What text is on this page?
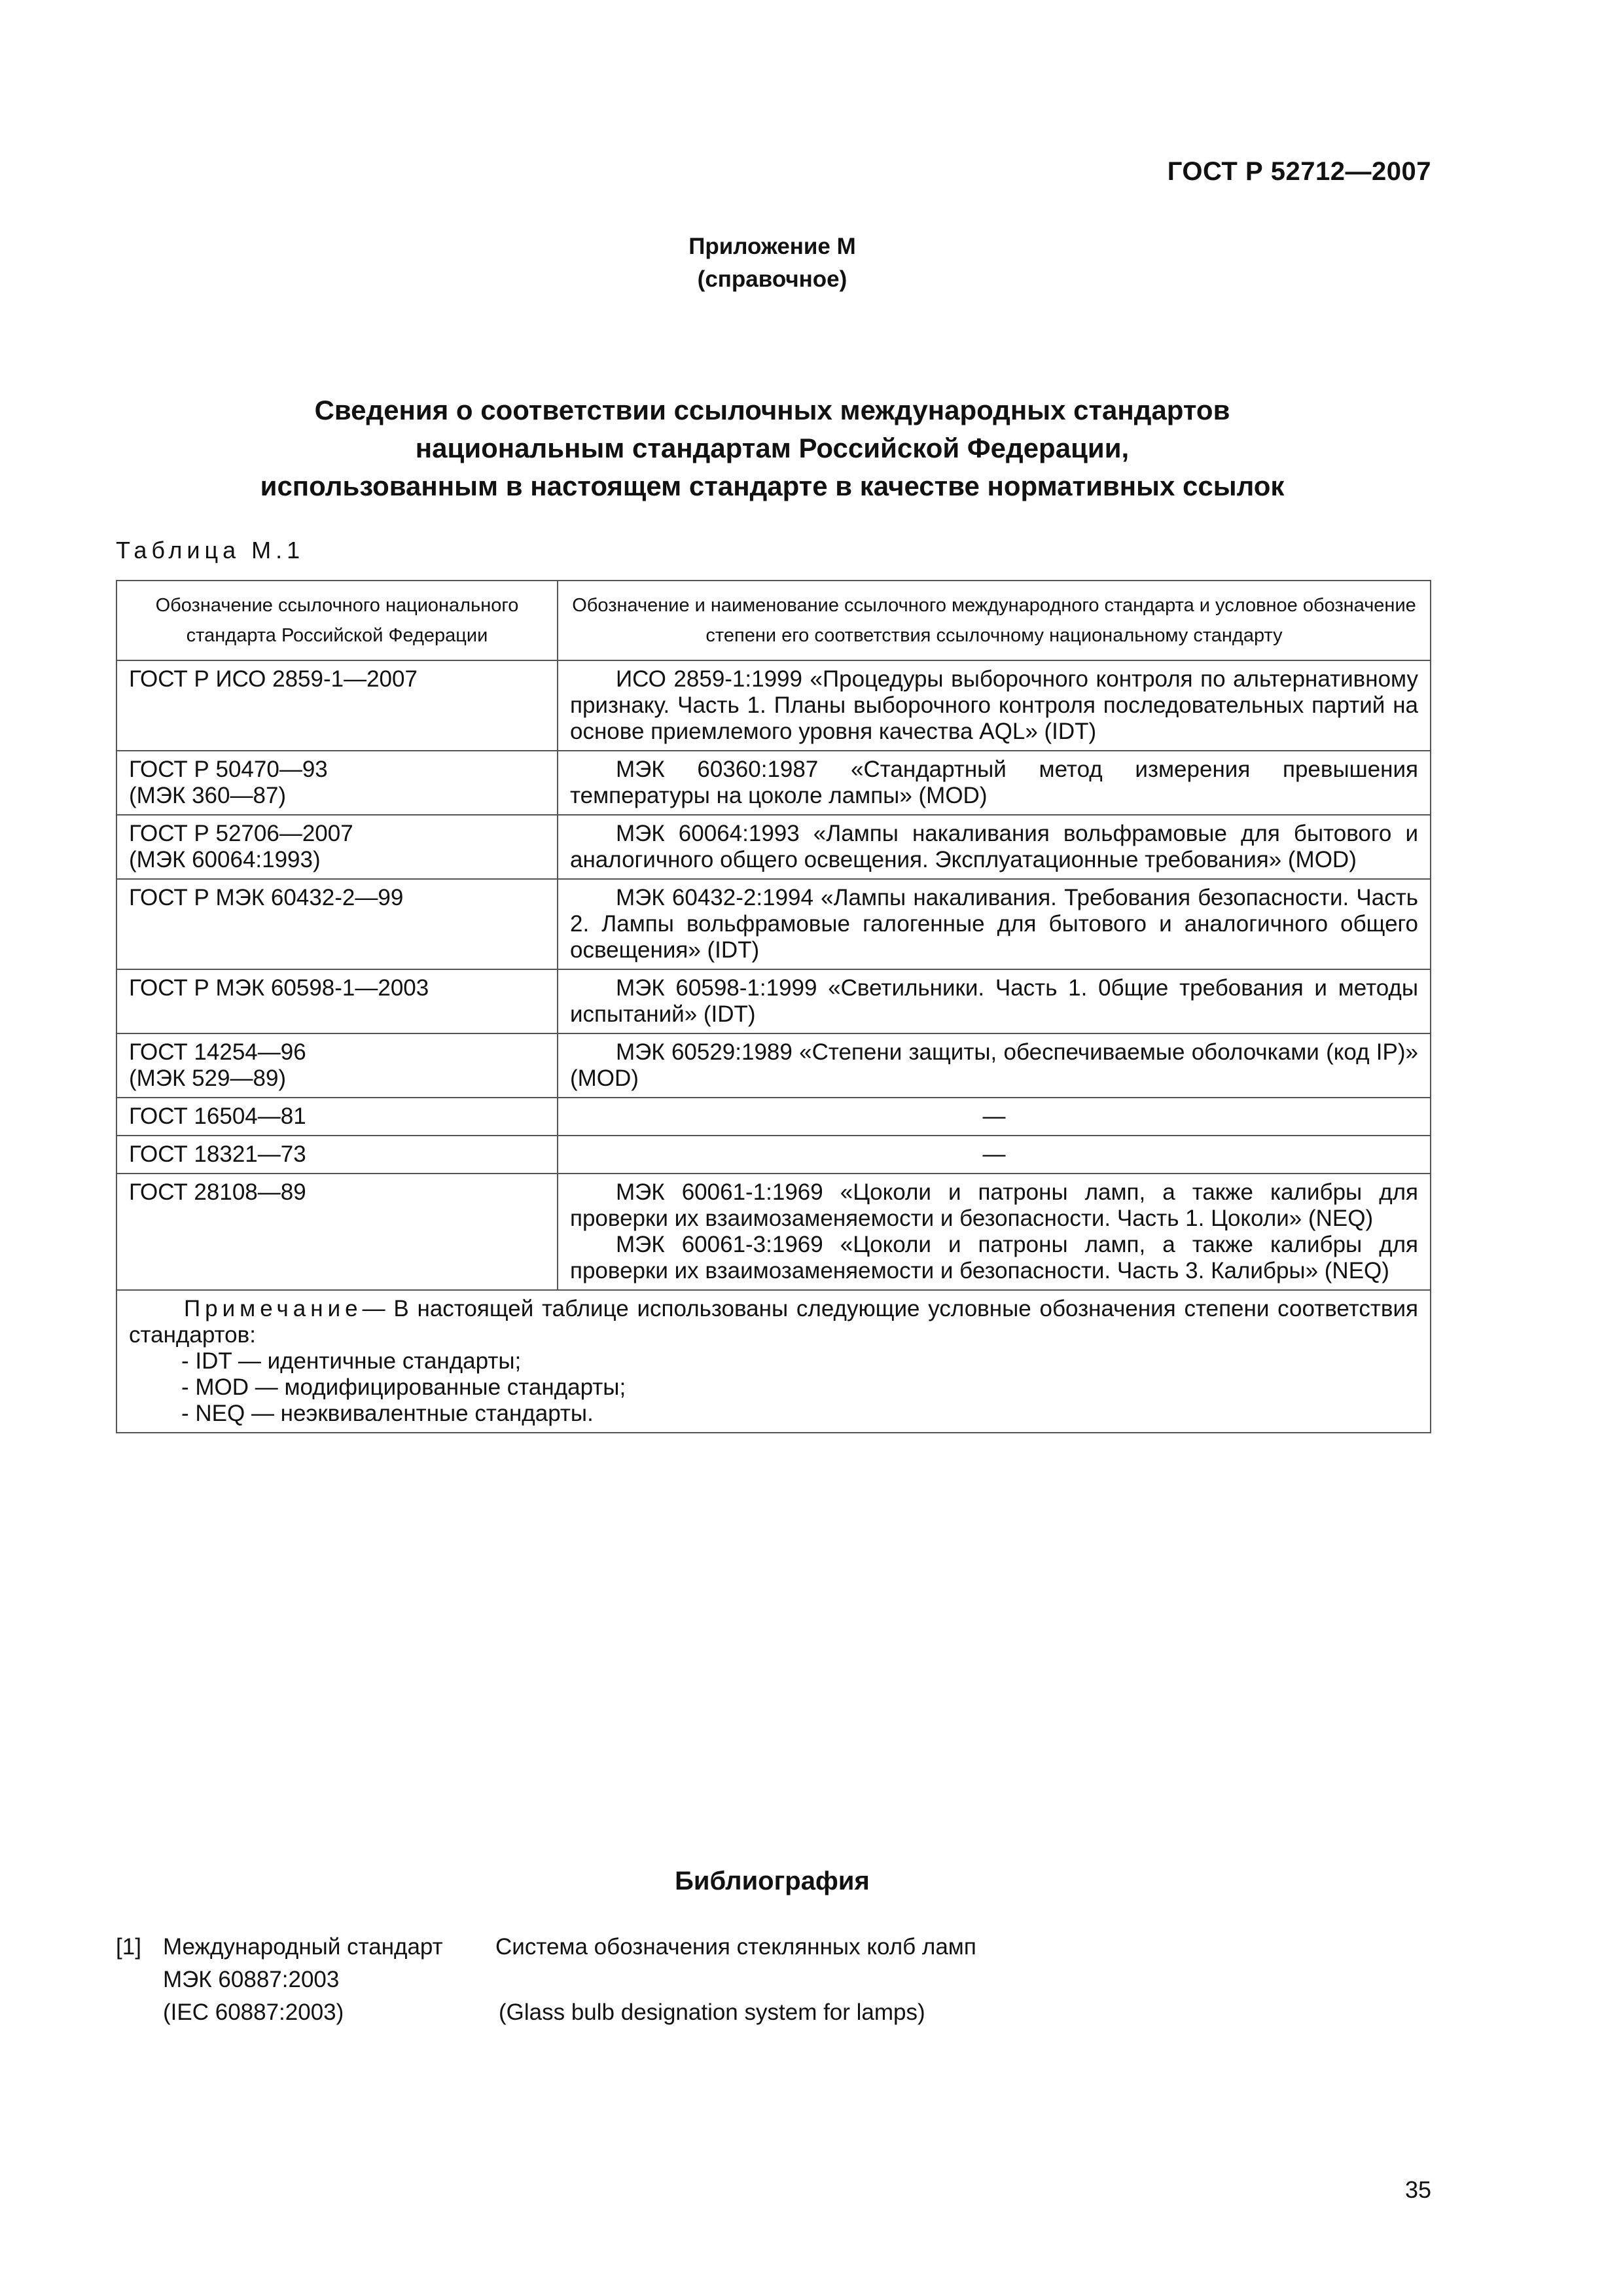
ГОСТ Р 52712—2007
Приложение М
(справочное)
Сведения о соответствии ссылочных международных стандартов
национальным стандартам Российской Федерации,
использованным в настоящем стандарте в качестве нормативных ссылок
Таблица М.1
Обозначение ссылочного национального стандарта Российской Федерации	Обозначение и наименование ссылочного международного стандарта и условное обозначение степени его соответствия ссылочному национальному стандарту

ГОСТ Р ИСО 2859-1—2007	ИСО 2859-1:1999 «Процедуры выборочного контроля по альтернативному признаку. Часть 1. Планы выборочного контроля последовательных партий на основе приемлемого уровня качества AQL» (IDT)

ГОСТ Р 50470—93
(МЭК 360—87)	МЭК 60360:1987 «Стандартный метод измерения превышения температуры на цоколе лампы» (MOD)

ГОСТ Р 52706—2007
(МЭК 60064:1993)	МЭК 60064:1993 «Лампы накаливания вольфрамовые для бытового и аналогичного общего освещения. Эксплуатационные требования» (MOD)

ГОСТ Р МЭК 60432-2—99	МЭК 60432-2:1994 «Лампы накаливания. Требования безопасности. Часть 2. Лампы вольфрамовые галогенные для бытового и аналогичного общего освещения» (IDT)

ГОСТ Р МЭК 60598-1—2003	МЭК 60598-1:1999 «Светильники. Часть 1. 0бщие требования и методы испытаний» (IDT)

ГОСТ 14254—96
(МЭК 529—89)	МЭК 60529:1989 «Степени защиты, обеспечиваемые оболочками (код IP)» (MOD)

ГОСТ 16504—81	—

ГОСТ 18321—73	—

ГОСТ 28108—89	МЭК 60061-1:1969 «Цоколи и патроны ламп, а также калибры для проверки их взаимозаменяемости и безопасности. Часть 1. Цоколи» (NEQ)
МЭК 60061-3:1969 «Цоколи и патроны ламп, а также калибры для проверки их взаимозаменяемости и безопасности. Часть 3. Калибры» (NEQ)

Примечание— В настоящей таблице использованы следующие условные обозначения степени соответствия стандартов:
- IDT — идентичные стандарты;
- MOD — модифицированные стандарты;
- NEQ — неэквивалентные стандарты.	
Библиография
[1] Международный стандарт
МЭК 60887:2003
(IEC 60887:2003)
Система обозначения стеклянных колб ламп
(Glass bulb designation system for lamps)
35
